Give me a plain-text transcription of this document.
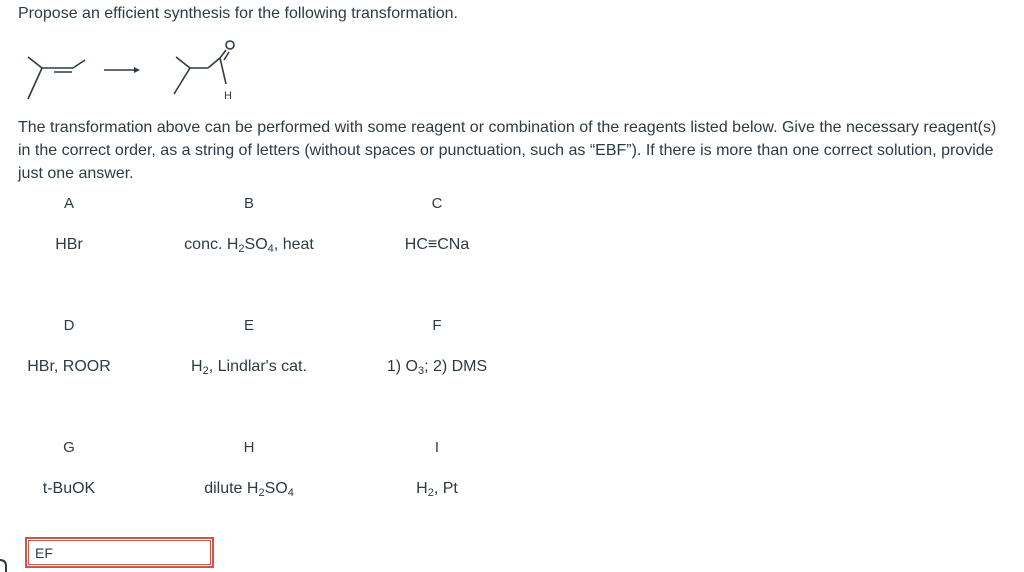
Propose an efficient synthesis for the following transformation.
H
The transformation above can be performed with some reagent or combination of the reagents listed below. Give the necessary reagent(s) in the correct order, as a string of letters (without spaces or punctuation, such as “EBF”). If there is more than one correct solution, provide just one answer.
A
HBr
B
conc. $H_2SO_4$, heat
C
HC≡CNa
D
HBr, ROOR
E
$H_2$, Lindlar's cat.
F
1) $O_3$; 2) DMS
G
t-BuOK
H
dilute $H_2SO_4$
I
$H_2$, Pt
EF
